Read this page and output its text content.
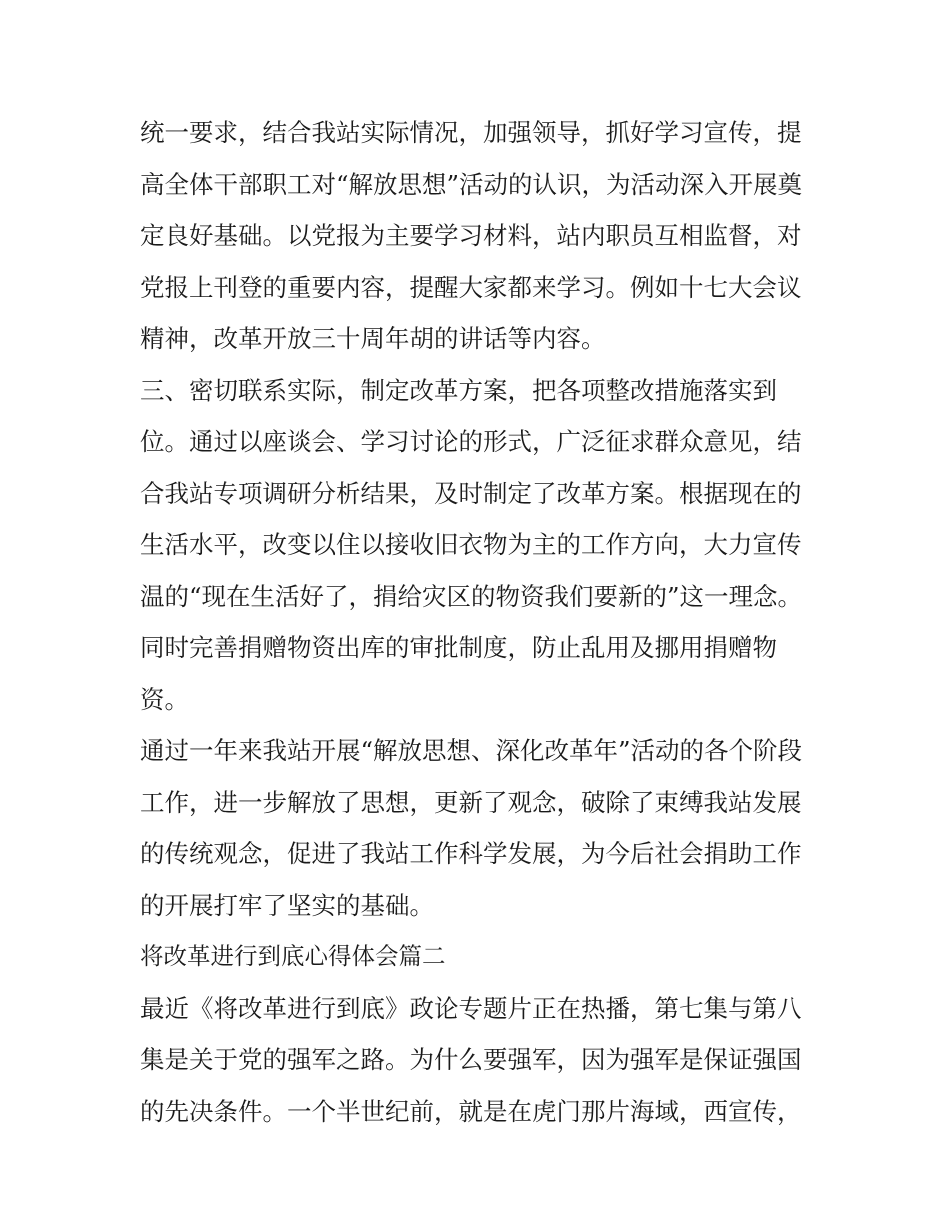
统一要求，结合我站实际情况，加强领导，抓好学习宣传，提
高全体干部职工对“解放思想”活动的认识，为活动深入开展奠
定良好基础。以党报为主要学习材料，站内职员互相监督，对
党报上刊登的重要内容，提醒大家都来学习。例如十七大会议
精神，改革开放三十周年胡的讲话等内容。
三、密切联系实际，制定改革方案，把各项整改措施落实到
位。通过以座谈会、学习讨论的形式，广泛征求群众意见，结
合我站专项调研分析结果，及时制定了改革方案。根据现在的
生活水平，改变以住以接收旧衣物为主的工作方向，大力宣传
温的“现在生活好了，捐给灾区的物资我们要新的”这一理念。
同时完善捐赠物资出库的审批制度，防止乱用及挪用捐赠物
资。
通过一年来我站开展“解放思想、深化改革年”活动的各个阶段
工作，进一步解放了思想，更新了观念，破除了束缚我站发展
的传统观念，促进了我站工作科学发展，为今后社会捐助工作
的开展打牢了坚实的基础。
将改革进行到底心得体会篇二
最近《将改革进行到底》政论专题片正在热播，第七集与第八
集是关于党的强军之路。为什么要强军，因为强军是保证强国
的先决条件。一个半世纪前，就是在虎门那片海域，西宣传，
